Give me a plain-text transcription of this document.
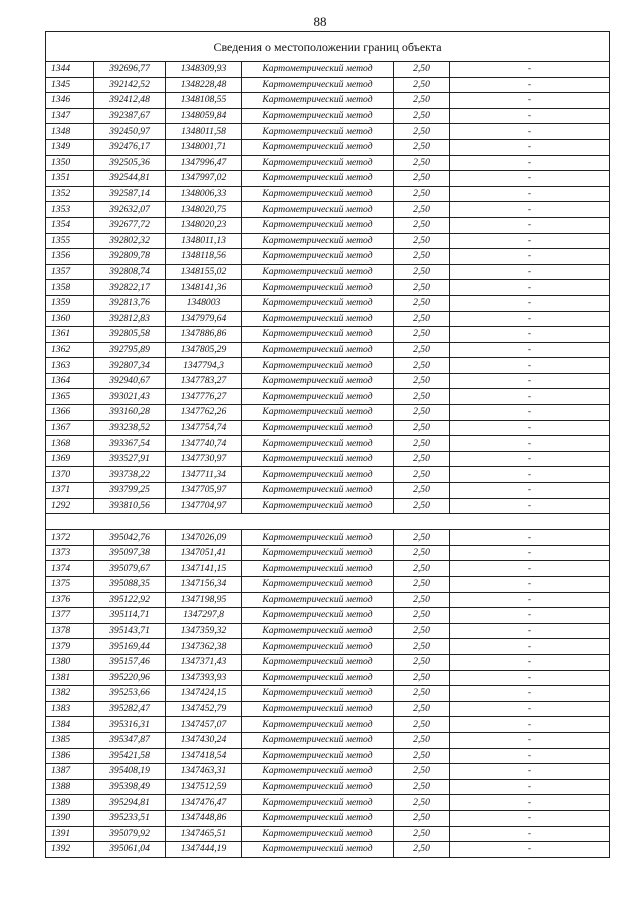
88
Сведения о местоположении границ объекта					
1344	392696,77	1348309,93	Картометрический метод	2,50	-
1345	392142,52	1348228,48	Картометрический метод	2,50	-
1346	392412,48	1348108,55	Картометрический метод	2,50	-
1347	392387,67	1348059,84	Картометрический метод	2,50	-
1348	392450,97	1348011,58	Картометрический метод	2,50	-
1349	392476,17	1348001,71	Картометрический метод	2,50	-
1350	392505,36	1347996,47	Картометрический метод	2,50	-
1351	392544,81	1347997,02	Картометрический метод	2,50	-
1352	392587,14	1348006,33	Картометрический метод	2,50	-
1353	392632,07	1348020,75	Картометрический метод	2,50	-
1354	392677,72	1348020,23	Картометрический метод	2,50	-
1355	392802,32	1348011,13	Картометрический метод	2,50	-
1356	392809,78	1348118,56	Картометрический метод	2,50	-
1357	392808,74	1348155,02	Картометрический метод	2,50	-
1358	392822,17	1348141,36	Картометрический метод	2,50	-
1359	392813,76	1348003	Картометрический метод	2,50	-
1360	392812,83	1347979,64	Картометрический метод	2,50	-
1361	392805,58	1347886,86	Картометрический метод	2,50	-
1362	392795,89	1347805,29	Картометрический метод	2,50	-
1363	392807,34	1347794,3	Картометрический метод	2,50	-
1364	392940,67	1347783,27	Картометрический метод	2,50	-
1365	393021,43	1347776,27	Картометрический метод	2,50	-
1366	393160,28	1347762,26	Картометрический метод	2,50	-
1367	393238,52	1347754,74	Картометрический метод	2,50	-
1368	393367,54	1347740,74	Картометрический метод	2,50	-
1369	393527,91	1347730,97	Картометрический метод	2,50	-
1370	393738,22	1347711,34	Картометрический метод	2,50	-
1371	393799,25	1347705,97	Картометрический метод	2,50	-
1292	393810,56	1347704,97	Картометрический метод	2,50	-

1372	395042,76	1347026,09	Картометрический метод	2,50	-
1373	395097,38	1347051,41	Картометрический метод	2,50	-
1374	395079,67	1347141,15	Картометрический метод	2,50	-
1375	395088,35	1347156,34	Картометрический метод	2,50	-
1376	395122,92	1347198,95	Картометрический метод	2,50	-
1377	395114,71	1347297,8	Картометрический метод	2,50	-
1378	395143,71	1347359,32	Картометрический метод	2,50	-
1379	395169,44	1347362,38	Картометрический метод	2,50	-
1380	395157,46	1347371,43	Картометрический метод	2,50	-
1381	395220,96	1347393,93	Картометрический метод	2,50	-
1382	395253,66	1347424,15	Картометрический метод	2,50	-
1383	395282,47	1347452,79	Картометрический метод	2,50	-
1384	395316,31	1347457,07	Картометрический метод	2,50	-
1385	395347,87	1347430,24	Картометрический метод	2,50	-
1386	395421,58	1347418,54	Картометрический метод	2,50	-
1387	395408,19	1347463,31	Картометрический метод	2,50	-
1388	395398,49	1347512,59	Картометрический метод	2,50	-
1389	395294,81	1347476,47	Картометрический метод	2,50	-
1390	395233,51	1347448,86	Картометрический метод	2,50	-
1391	395079,92	1347465,51	Картометрический метод	2,50	-
1392	395061,04	1347444,19	Картометрический метод	2,50	-
